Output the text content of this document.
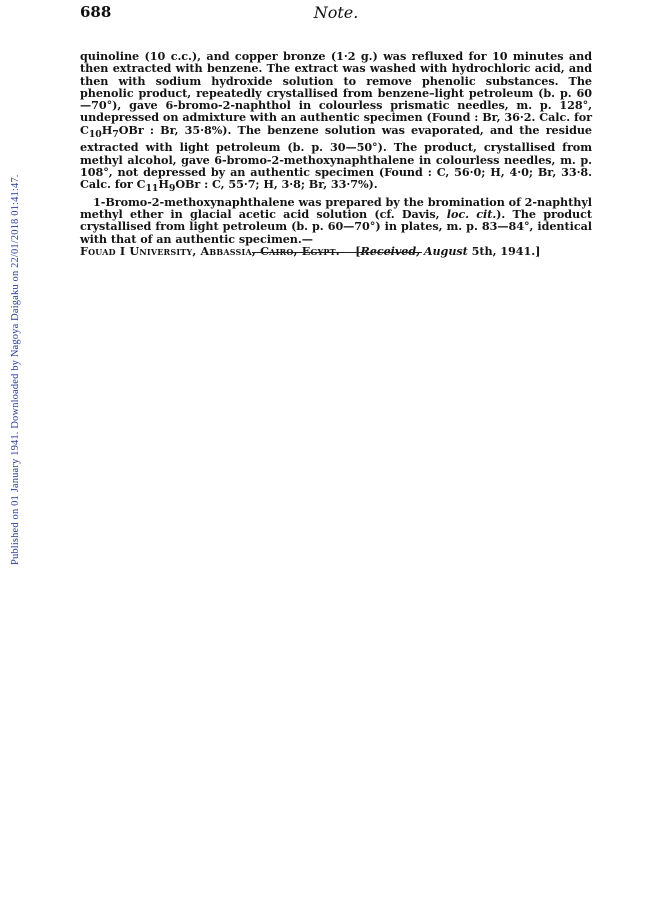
Published on 01 January 1941. Downloaded by Nagoya Daigaku on 22/01/2018 01:41:47.
688	Note.

quinoline (10 c.c.), and copper bronze (1·2 g.) was refluxed for 10 minutes and then extracted with benzene. The extract was washed with hydrochloric acid, and then with sodium hydroxide solution to remove phenolic substances. The phenolic product, repeatedly crystallised from benzene–light petroleum (b. p. 60—70°), gave 6-bromo-2-naphthol in colourless prismatic needles, m. p. 128°, undepressed on admixture with an authentic specimen (Found : Br, 36·2. Calc. for $C_{10}H_7OBr$ : Br, 35·8%). The benzene solution was evaporated, and the residue extracted with light petroleum (b. p. 30—50°). The product, crystallised from methyl alcohol, gave 6-bromo-2-methoxynaphthalene in colourless needles, m. p. 108°, not depressed by an authentic specimen (Found : C, 56·0; H, 4·0; Br, 33·8. Calc. for $C_{11}H_9OBr$ : C, 55·7; H, 3·8; Br, 33·7%).

1-Bromo-2-methoxynaphthalene was prepared by the bromination of 2-naphthyl methyl ether in glacial acetic acid solution (cf. Davis, loc. cit.). The product crystallised from light petroleum (b. p. 60—70°) in plates, m. p. 83—84°, identical with that of an authentic specimen.—
Fouad I University, Abbassia, Cairo, Egypt. [Received, August 5th, 1941.]
